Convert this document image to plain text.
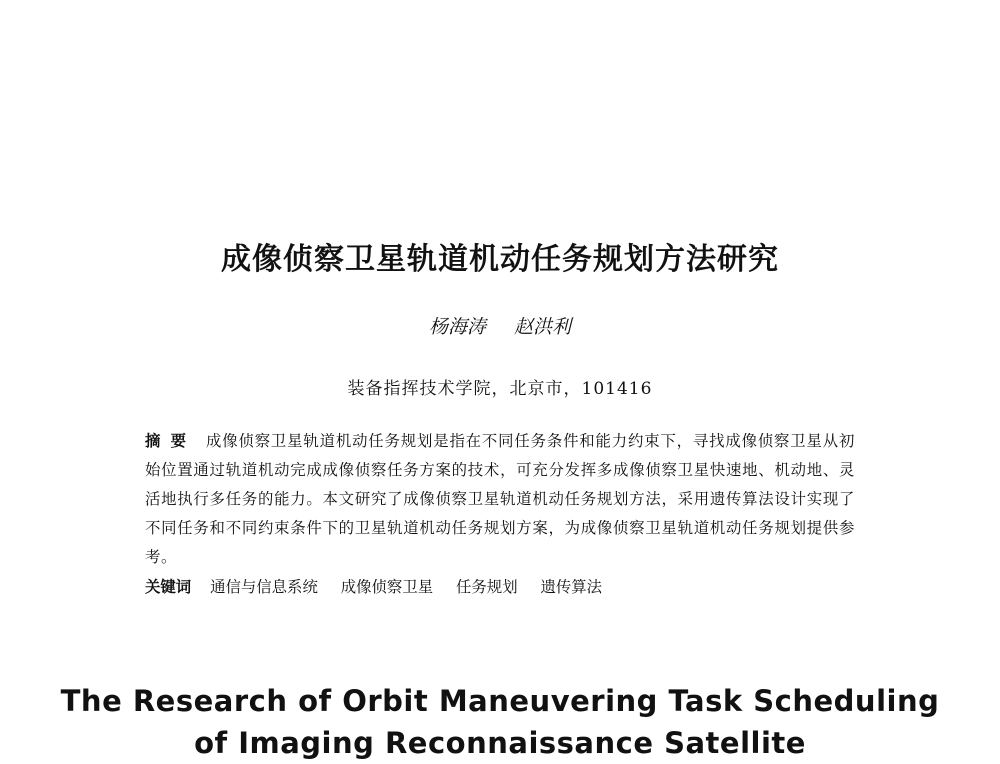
成像侦察卫星轨道机动任务规划方法研究
杨海涛 赵洪利
装备指挥技术学院，北京市，101416
摘要 成像侦察卫星轨道机动任务规划是指在不同任务条件和能力约束下，寻找成像侦察卫星从初始位置通过轨道机动完成成像侦察任务方案的技术，可充分发挥多成像侦察卫星快速地、机动地、灵活地执行多任务的能力。本文研究了成像侦察卫星轨道机动任务规划方法，采用遗传算法设计实现了不同任务和不同约束条件下的卫星轨道机动任务规划方案，为成像侦察卫星轨道机动任务规划提供参考。
关键词 通信与信息系统 成像侦察卫星 任务规划 遗传算法
The Research of Orbit Maneuvering Task Scheduling
of Imaging Reconnaissance Satellite
